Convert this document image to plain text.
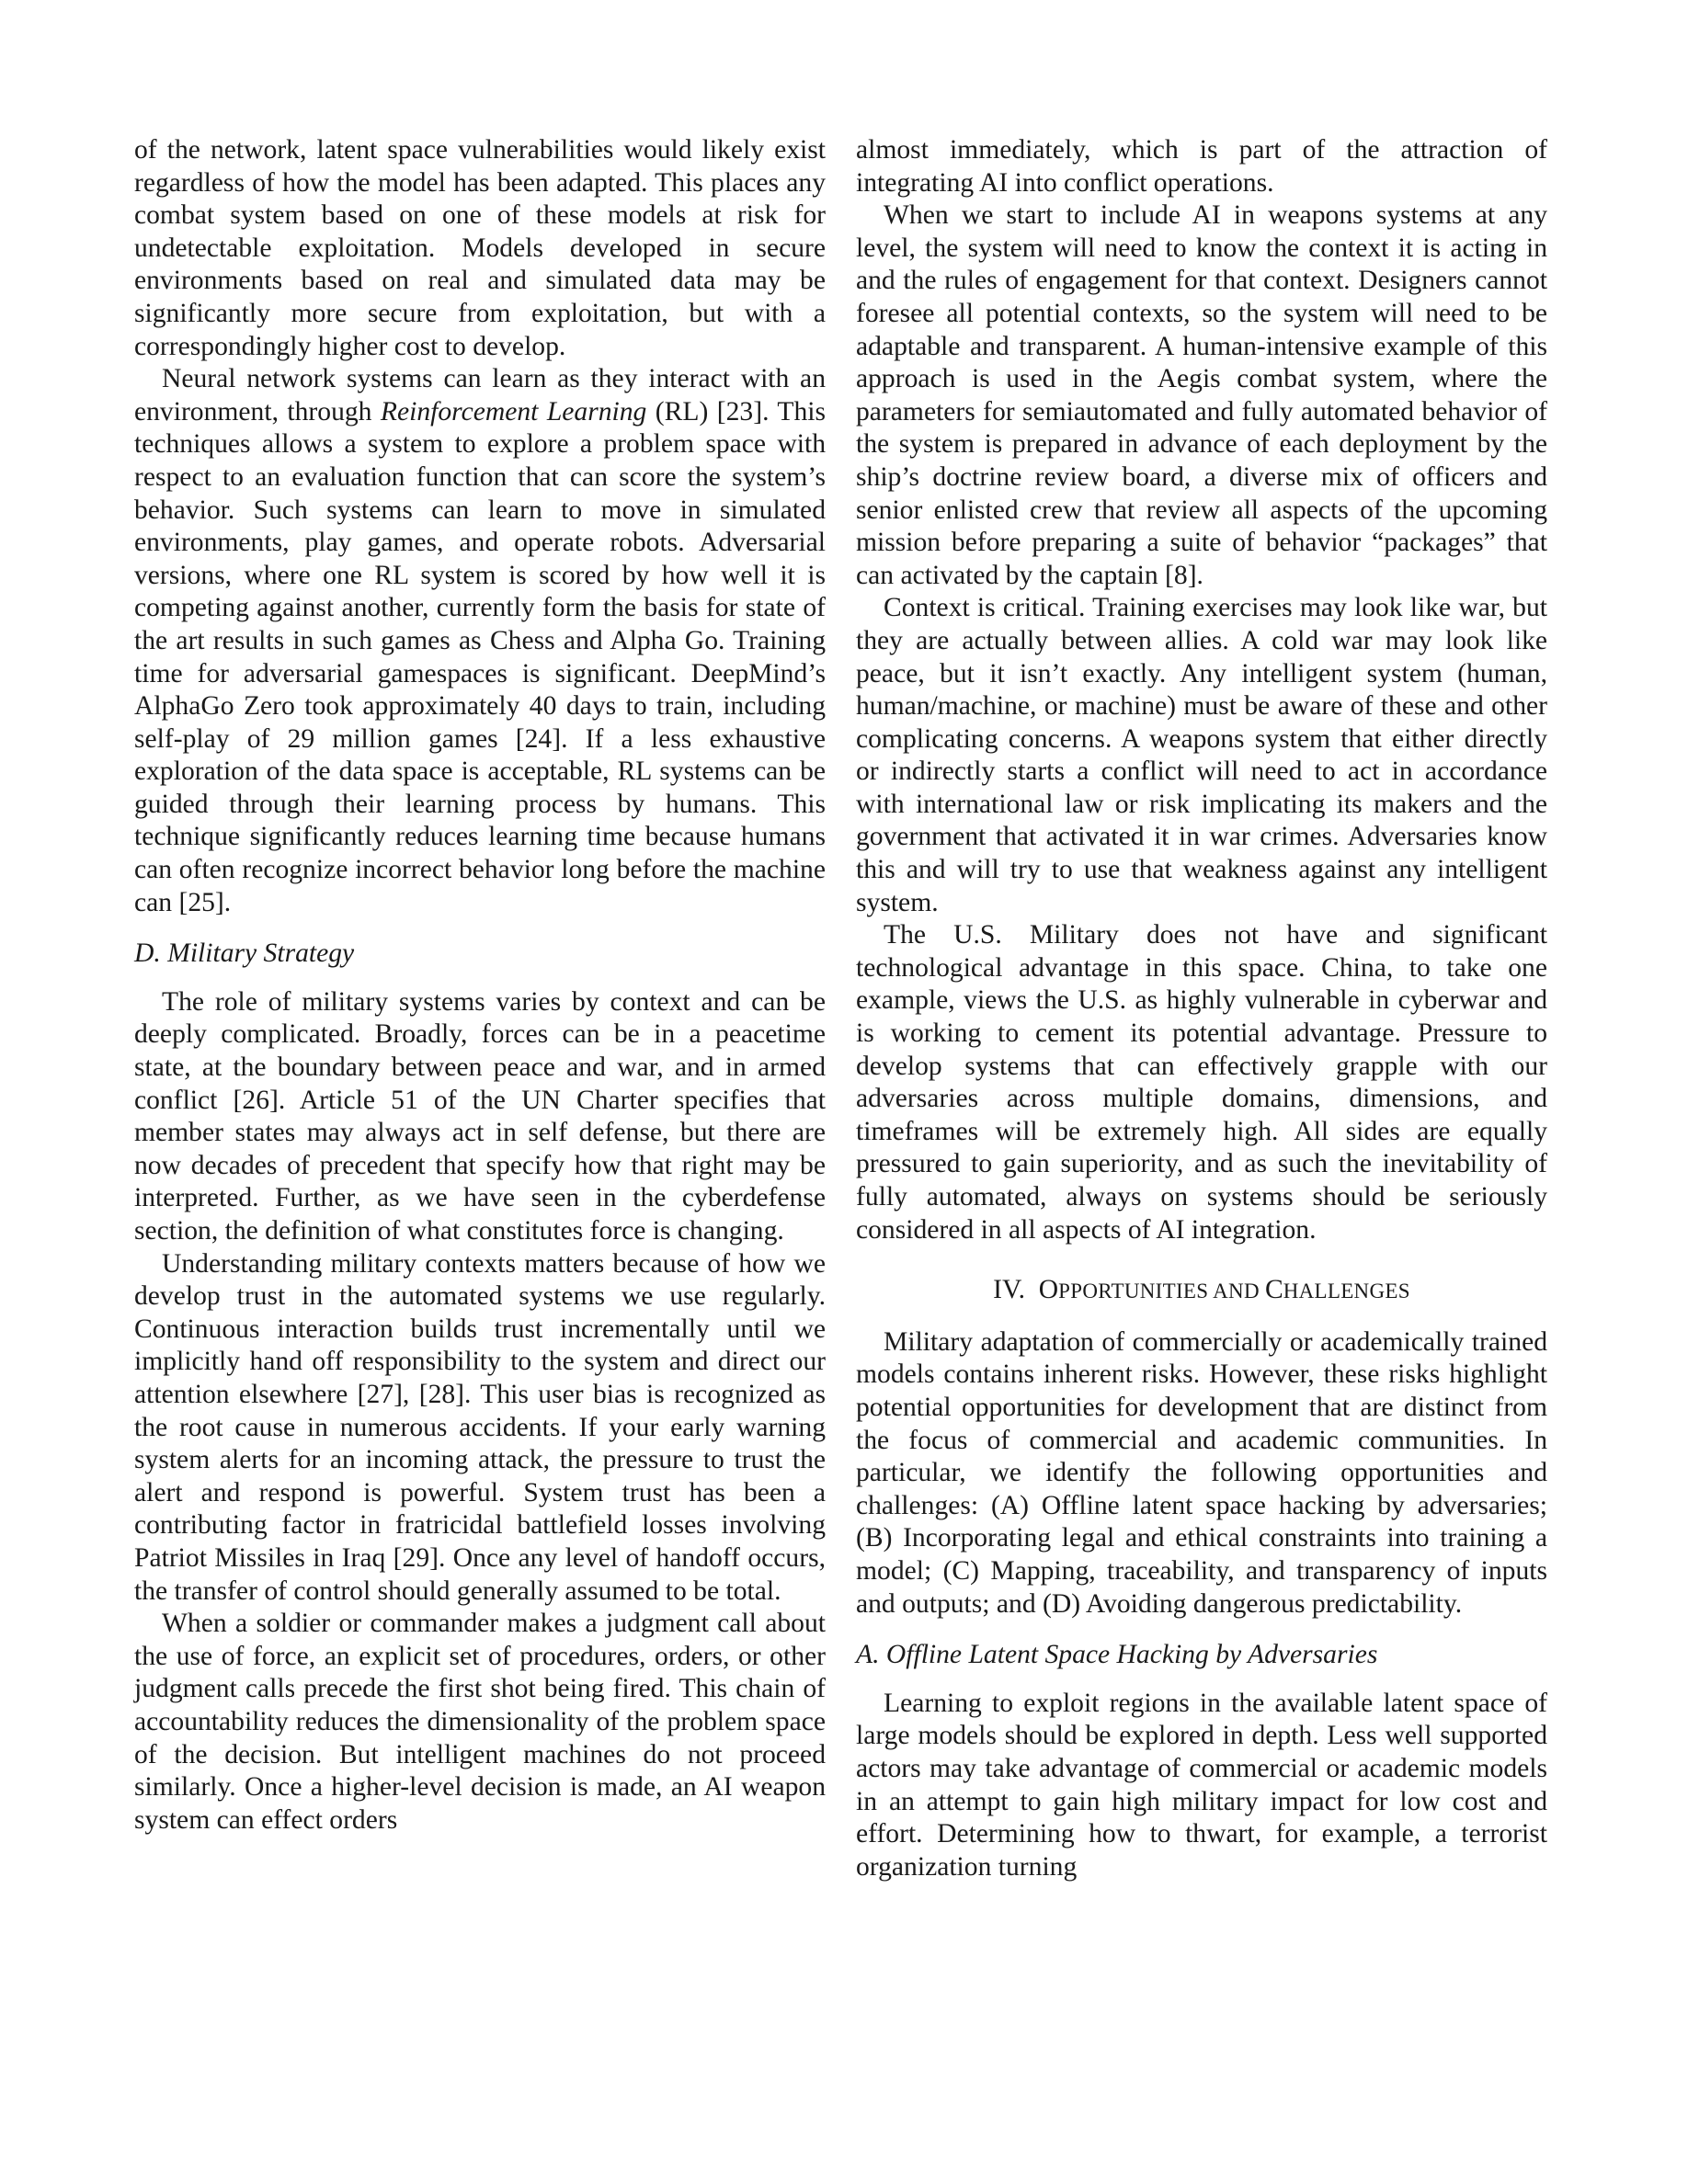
of the network, latent space vulnerabilities would likely exist regardless of how the model has been adapted. This places any combat system based on one of these models at risk for undetectable exploitation. Models developed in secure environments based on real and simulated data may be significantly more secure from exploitation, but with a correspondingly higher cost to develop.

Neural network systems can learn as they interact with an environment, through Reinforcement Learning (RL) [23]. This techniques allows a system to explore a problem space with respect to an evaluation function that can score the system’s behavior. Such systems can learn to move in simulated environments, play games, and operate robots. Adversarial versions, where one RL system is scored by how well it is competing against another, currently form the basis for state of the art results in such games as Chess and Alpha Go. Training time for adversarial gamespaces is significant. DeepMind’s AlphaGo Zero took approximately 40 days to train, including self-play of 29 million games [24]. If a less exhaustive exploration of the data space is acceptable, RL systems can be guided through their learning process by humans. This technique significantly reduces learning time because humans can often recognize incorrect behavior long before the machine can [25].

D. Military Strategy

The role of military systems varies by context and can be deeply complicated. Broadly, forces can be in a peacetime state, at the boundary between peace and war, and in armed conflict [26]. Article 51 of the UN Charter specifies that member states may always act in self defense, but there are now decades of precedent that specify how that right may be interpreted. Further, as we have seen in the cyberdefense section, the definition of what constitutes force is changing.

Understanding military contexts matters because of how we develop trust in the automated systems we use regularly. Continuous interaction builds trust incrementally until we implicitly hand off responsibility to the system and direct our attention elsewhere [27], [28]. This user bias is recognized as the root cause in numerous accidents. If your early warning system alerts for an incoming attack, the pressure to trust the alert and respond is powerful. System trust has been a contributing factor in fratricidal battlefield losses involving Patriot Missiles in Iraq [29]. Once any level of handoff occurs, the transfer of control should generally assumed to be total.

When a soldier or commander makes a judgment call about the use of force, an explicit set of procedures, orders, or other judgment calls precede the first shot being fired. This chain of accountability reduces the dimensionality of the problem space of the decision. But intelligent machines do not proceed similarly. Once a higher-level decision is made, an AI weapon system can effect orders

almost immediately, which is part of the attraction of integrating AI into conflict operations.

When we start to include AI in weapons systems at any level, the system will need to know the context it is acting in and the rules of engagement for that context. Designers cannot foresee all potential contexts, so the system will need to be adaptable and transparent. A human-intensive example of this approach is used in the Aegis combat system, where the parameters for semiautomated and fully automated behavior of the system is prepared in advance of each deployment by the ship’s doctrine review board, a diverse mix of officers and senior enlisted crew that review all aspects of the upcoming mission before preparing a suite of behavior “packages” that can activated by the captain [8].

Context is critical. Training exercises may look like war, but they are actually between allies. A cold war may look like peace, but it isn’t exactly. Any intelligent system (human, human/machine, or machine) must be aware of these and other complicating concerns. A weapons system that either directly or indirectly starts a conflict will need to act in accordance with international law or risk implicating its makers and the government that activated it in war crimes. Adversaries know this and will try to use that weakness against any intelligent system.

The U.S. Military does not have and significant technological advantage in this space. China, to take one example, views the U.S. as highly vulnerable in cyberwar and is working to cement its potential advantage. Pressure to develop systems that can effectively grapple with our adversaries across multiple domains, dimensions, and timeframes will be extremely high. All sides are equally pressured to gain superiority, and as such the inevitability of fully automated, always on systems should be seriously considered in all aspects of AI integration.

IV. OPPORTUNITIES AND CHALLENGES

Military adaptation of commercially or academically trained models contains inherent risks. However, these risks highlight potential opportunities for development that are distinct from the focus of commercial and academic communities. In particular, we identify the following opportunities and challenges: (A) Offline latent space hacking by adversaries; (B) Incorporating legal and ethical constraints into training a model; (C) Mapping, traceability, and transparency of inputs and outputs; and (D) Avoiding dangerous predictability.

A. Offline Latent Space Hacking by Adversaries

Learning to exploit regions in the available latent space of large models should be explored in depth. Less well supported actors may take advantage of commercial or academic models in an attempt to gain high military impact for low cost and effort. Determining how to thwart, for example, a terrorist organization turning
